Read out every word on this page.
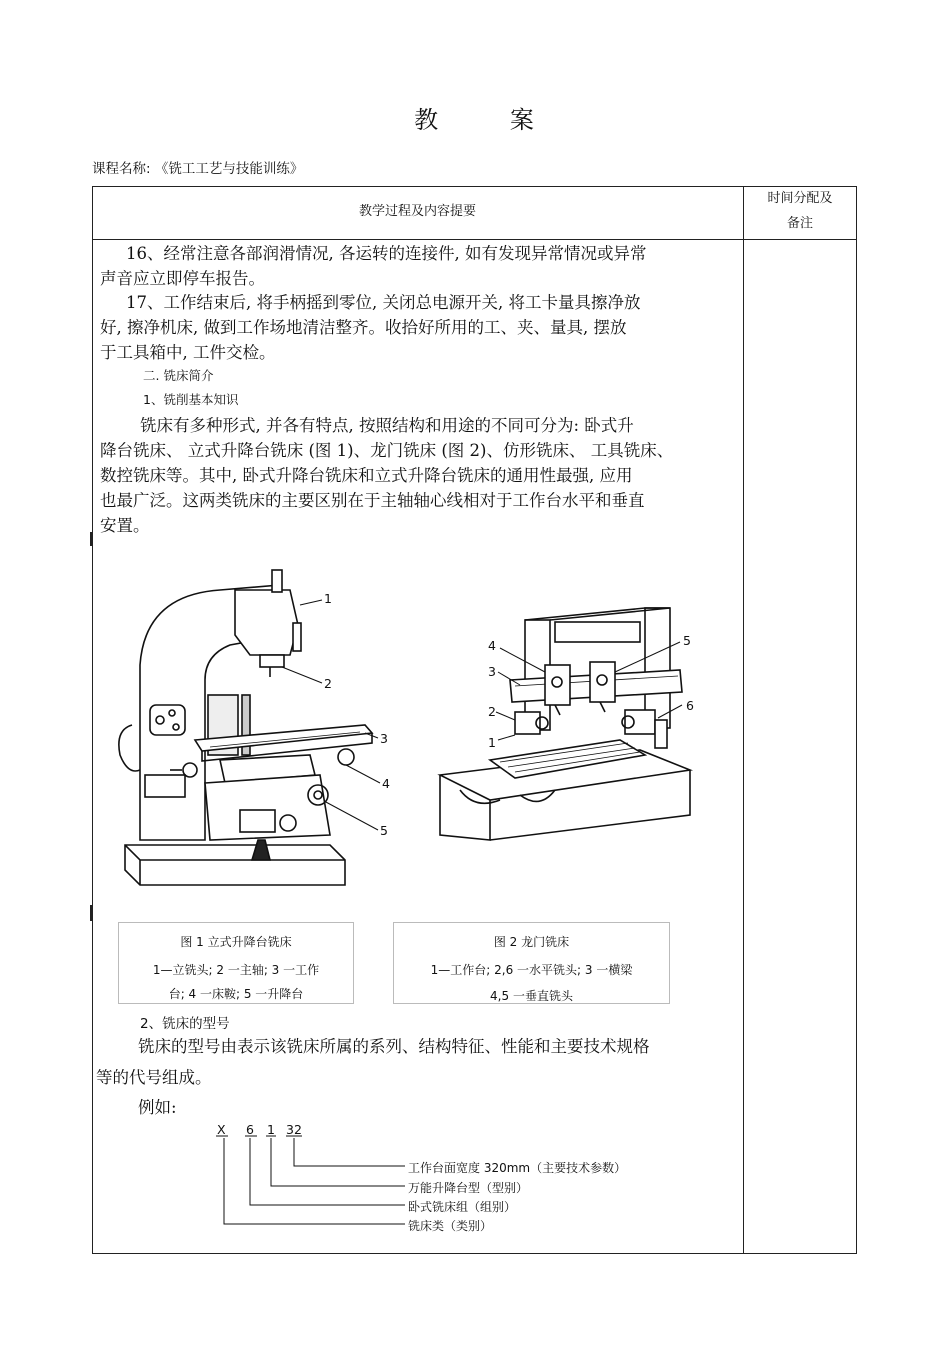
教	案
课程名称: 《铣工工艺与技能训练》
教学过程及内容提要
时间分配及
备注
16、经常注意各部润滑情况, 各运转的连接件, 如有发现异常情况或异常
声音应立即停车报告。
17、工作结束后, 将手柄摇到零位, 关闭总电源开关, 将工卡量具擦净放
好, 擦净机床, 做到工作场地清洁整齐。收拾好所用的工、夹、量具, 摆放
于工具箱中, 工件交检。
二. 铣床简介
1、铣削基本知识
铣床有多种形式, 并各有特点, 按照结构和用途的不同可分为: 卧式升
降台铣床、 立式升降台铣床 (图 1)、龙门铣床 (图 2)、仿形铣床、 工具铣床、
数控铣床等。其中, 卧式升降台铣床和立式升降台铣床的通用性最强, 应用
也最广泛。这两类铣床的主要区别在于主轴轴心线相对于工作台水平和垂直
安置。
1
2
3
4
5
4
3
2
1
5
6
图 1 立式升降台铣床
1—立铣头; 2 一主轴; 3 一工作
台; 4 一床鞍; 5 一升降台
图 2 龙门铣床
1—工作台; 2,6 一水平铣头; 3 一横梁
4,5 一垂直铣头
2、铣床的型号
铣床的型号由表示该铣床所属的系列、结构特征、性能和主要技术规格
等的代号组成。
例如:
X 6 1 32
工作台面宽度 320mm（主要技术参数）
万能升降台型（型别）
卧式铣床组（组别）
铣床类（类别）
